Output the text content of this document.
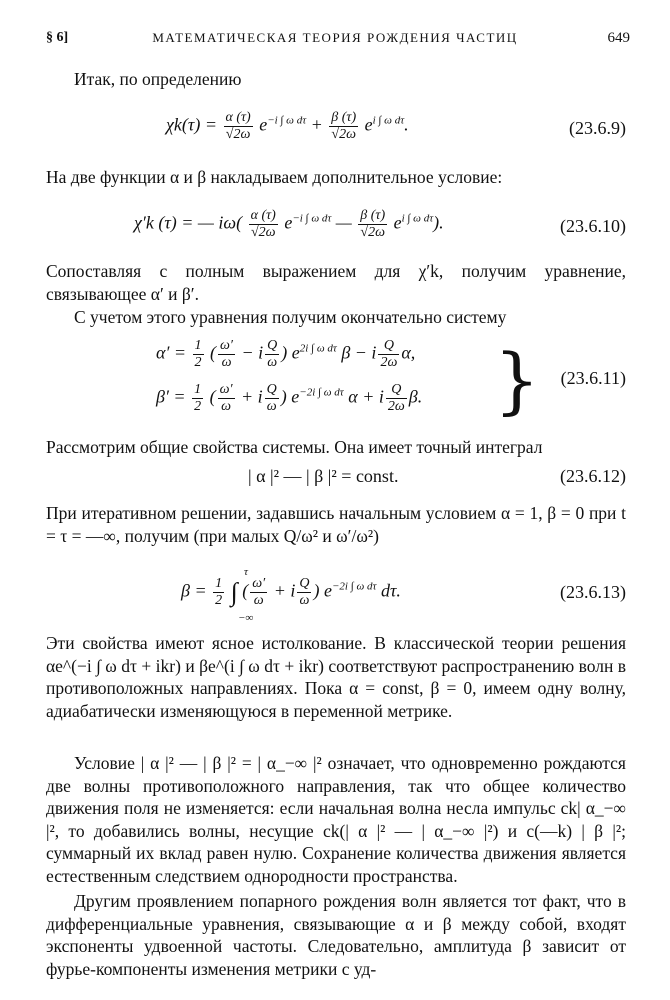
§ 6]	МАТЕМАТИЧЕСКАЯ ТЕОРИЯ РОЖДЕНИЯ ЧАСТИЦ	649
Итак, по определению
$\chi k(\tau) = \frac{\alpha (\tau)}{√2\omega} e^{-i \int \omega d\tau} + \frac{\beta (\tau)}{√2\omega} e^{i \int \omega d\tau}$.	(23.6.9)
На две функции α и β накладываем дополнительное условие:
χ′k (τ) = — $i\omega( \frac{\alpha (\tau)}{√2\omega} e^{-i \int \omega d\tau}$ — $\frac{\beta (\tau)}{√2\omega} e^{i \int \omega d\tau}$).	(23.6.10)
Сопоставляя с полным выражением для χ′k, получим уравнение, связывающее α′ и β′.
С учетом этого уравнения получим окончательно систему
$\alpha' = \frac{1}{2}$ ( $\frac{\omega'}{\omega} - i \frac{Q}{\omega}$ ) $e^{2i \int \omega d\tau}$ β − i $\frac{Q}{2\omega} \alpha$,
$\beta' = \frac{1}{2}$ ( $\frac{\omega'}{\omega} + i \frac{Q}{\omega}$ ) $e^{-2i \int \omega d\tau}$ α + i $\frac{Q}{2\omega} \beta$. } (23.6.11)
Рассмотрим общие свойства системы. Она имеет точный интеграл
| α |² — | β |² = const.	(23.6.12)
При итеративном решении, задавшись начальным условием α = 1, β = 0 при t = τ = —∞, получим (при малых Q/ω² и ω′/ω²)
$\beta = \frac{1}{2}$ ∫ ( $\frac{\omega'}{\omega} + i \frac{Q}{\omega}$ ) $e^{-2i \int \omega d\tau}$ dτ.
τ
−∞
(23.6.13)
Эти свойства имеют ясное истолкование. В классической теории решения αe^(−i ∫ ω dτ + ikr) и βe^(i ∫ ω dτ + ikr) соответствуют распространению волн в противоположных направлениях. Пока α = const, β = 0, имеем одну волну, адиабатически изменяющуюся в переменной метрике.
Условие | α |² — | β |² = | α_−∞ |² означает, что одновременно рождаются две волны противоположного направления, так что общее количество движения поля не изменяется: если начальная волна несла импульс ck| α_−∞ |², то добавились волны, несущие ck(| α |² — | α_−∞ |²) и c(—k) | β |²; суммарный их вклад равен нулю. Сохранение количества движения является естественным следствием однородности пространства.
Другим проявлением попарного рождения волн является тот факт, что в дифференциальные уравнения, связывающие α и β между собой, входят экспоненты удвоенной частоты. Следовательно, амплитуда β зависит от фурье-компоненты изменения метрики с уд-
